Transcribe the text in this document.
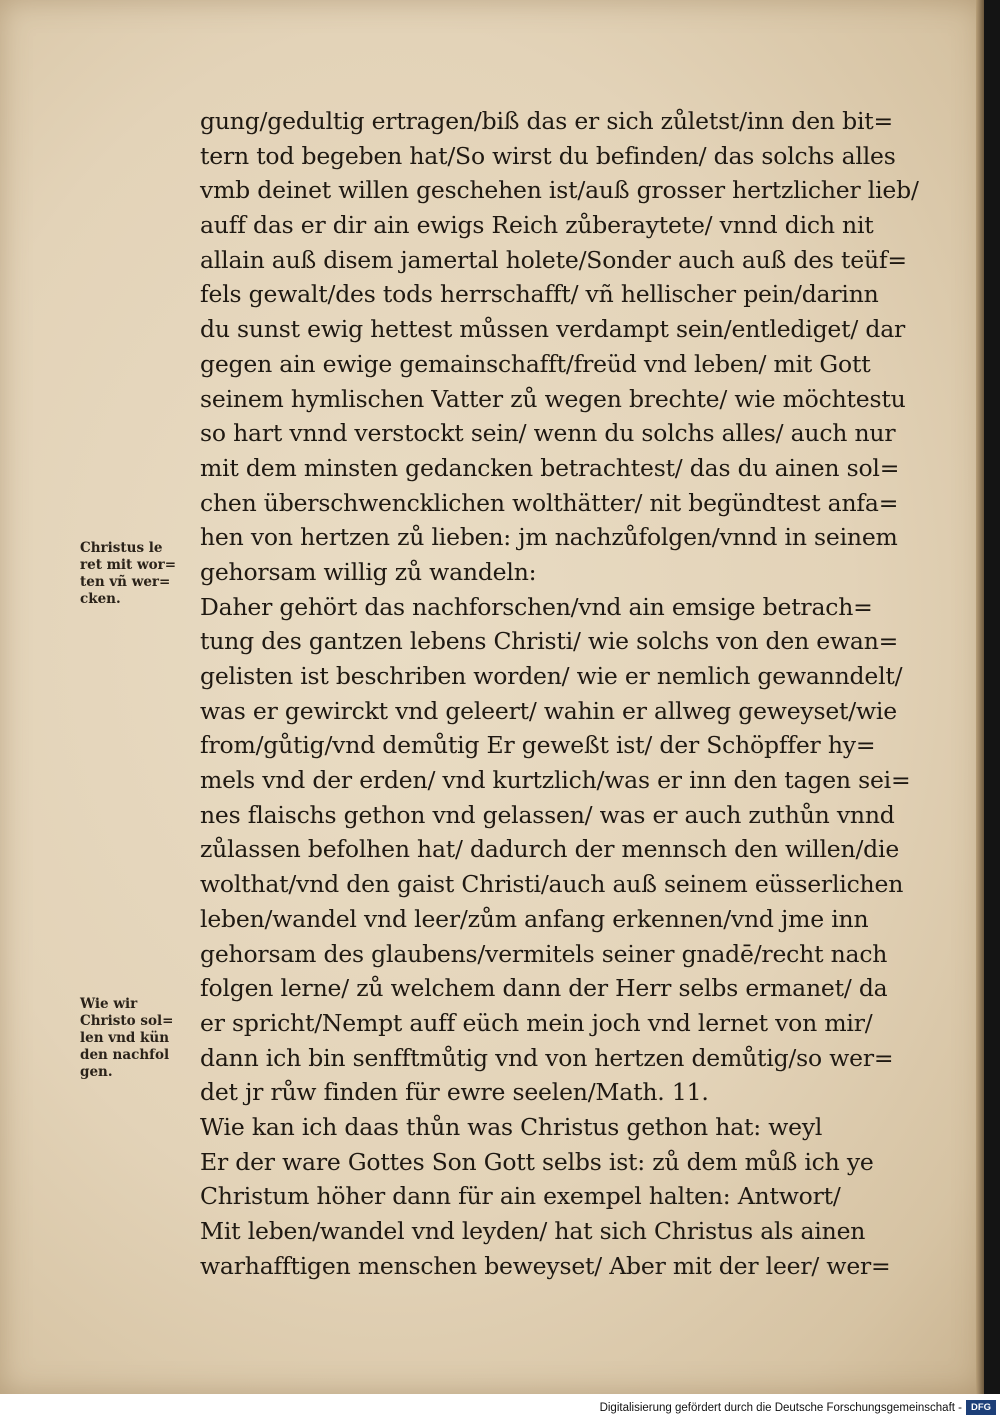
gung/gedultig ertragen/biß das er sich zůletst/inn den bit=
tern tod begeben hat/So wirst du befinden/ das solchs alles
vmb deinet willen geschehen ist/auß grosser hertzlicher lieb/
auff das er dir ain ewigs Reich zůberaytete/ vnnd dich nit
allain auß disem jamertal holete/Sonder auch auß des teüf=
fels gewalt/des tods herrschafft/ vñ hellischer pein/darinn
du sunst ewig hettest můssen verdampt sein/entlediget/ dar
gegen ain ewige gemainschafft/freüd vnd leben/ mit Gott
seinem hymlischen Vatter zů wegen brechte/ wie möchtestu
so hart vnnd verstockt sein/ wenn du solchs alles/ auch nur
mit dem minsten gedancken betrachtest/ das du ainen sol=
chen überschwencklichen wolthätter/ nit begündtest anfa=
hen von hertzen zů lieben: jm nachzůfolgen/vnnd in seinem
gehorsam willig zů wandeln:
Daher gehört das nachforschen/vnd ain emsige betrach=
tung des gantzen lebens Christi/ wie solchs von den ewan=
gelisten ist beschriben worden/ wie er nemlich gewanndelt/
was er gewirckt vnd geleert/ wahin er allweg geweyset/wie
from/gůtig/vnd demůtig Er geweßt ist/ der Schöpffer hy=
mels vnd der erden/ vnd kurtzlich/was er inn den tagen sei=
nes flaischs gethon vnd gelassen/ was er auch zuthůn vnnd
zůlassen befolhen hat/ dadurch der mennsch den willen/die
wolthat/vnd den gaist Christi/auch auß seinem eüsserlichen
leben/wandel vnd leer/zům anfang erkennen/vnd jme inn
gehorsam des glaubens/vermitels seiner gnadē/recht nach
folgen lerne/ zů welchem dann der Herr selbs ermanet/ da
er spricht/Nempt auff eüch mein joch vnd lernet von mir/
dann ich bin senfftmůtig vnd von hertzen demůtig/so wer=
det jr růw finden für ewre seelen/Math. 11.
Wie kan ich daas thůn was Christus gethon hat: weyl
Er der ware Gottes Son Gott selbs ist: zů dem můß ich ye
Christum höher dann für ain exempel halten: Antwort/
Mit leben/wandel vnd leyden/ hat sich Christus als ainen
warhafftigen menschen beweyset/ Aber mit der leer/ wer=
Christus le
ret mit wor=
ten vñ wer=
cken.
Wie wir
Christo sol=
len vnd kün
den nachfol
gen.
Digitalisierung gefördert durch die Deutsche Forschungsgemeinschaft - DFG
